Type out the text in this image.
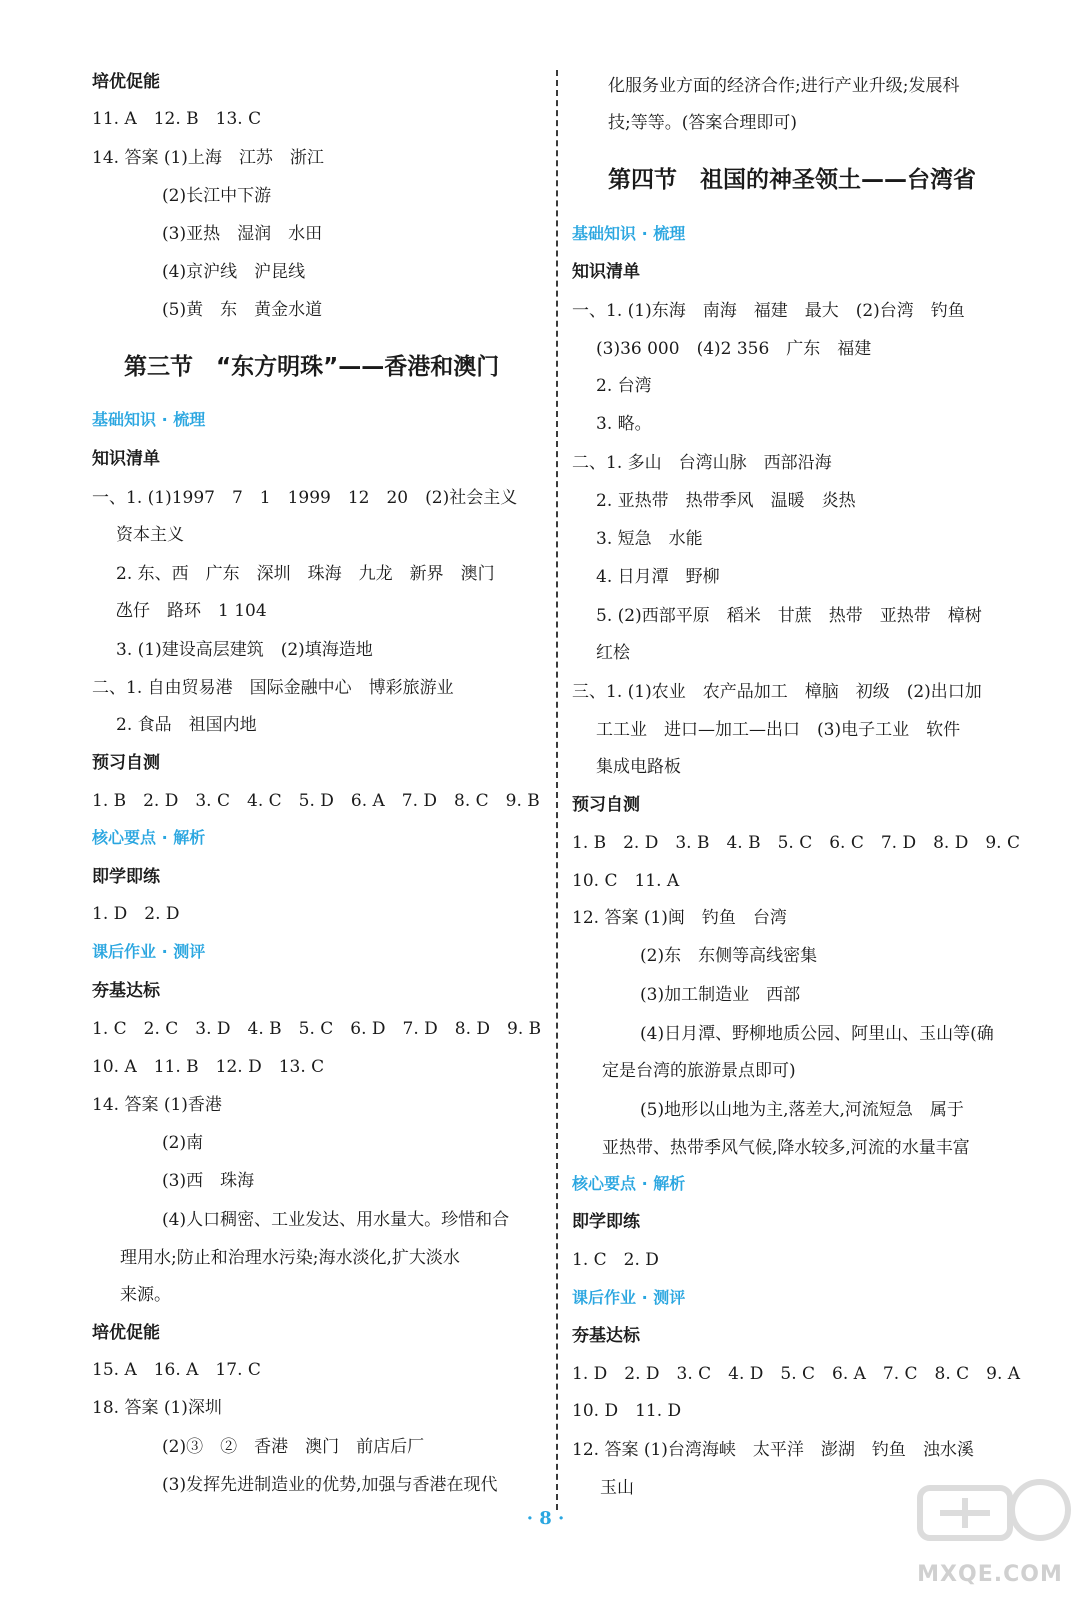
培优促能
11. A　12. B　13. C
14. 答案 (1)上海　江苏　浙江
(2)长江中下游
(3)亚热　湿润　水田
(4)京沪线　沪昆线
(5)黄　东　黄金水道
第三节　“东方明珠”——香港和澳门
基础知识 · 梳理
知识清单
一、1. (1)1997　7　1　1999　12　20　(2)社会主义
资本主义
2. 东、西　广东　深圳　珠海　九龙　新界　澳门
氹仔　路环　1 104
3. (1)建设高层建筑　(2)填海造地
二、1. 自由贸易港　国际金融中心　博彩旅游业
2. 食品　祖国内地
预习自测
1. B　2. D　3. C　4. C　5. D　6. A　7. D　8. C　9. B
核心要点 · 解析
即学即练
1. D　2. D
课后作业 · 测评
夯基达标
1. C　2. C　3. D　4. B　5. C　6. D　7. D　8. D　9. B
10. A　11. B　12. D　13. C
14. 答案 (1)香港
(2)南
(3)西　珠海
(4)人口稠密、工业发达、用水量大。珍惜和合
理用水;防止和治理水污染;海水淡化,扩大淡水
来源。
培优促能
15. A　16. A　17. C
18. 答案 (1)深圳
(2)③　②　香港　澳门　前店后厂
(3)发挥先进制造业的优势,加强与香港在现代
化服务业方面的经济合作;进行产业升级;发展科
技;等等。(答案合理即可)
第四节　祖国的神圣领土——台湾省
基础知识 · 梳理
知识清单
一、1. (1)东海　南海　福建　最大　(2)台湾　钓鱼
(3)36 000　(4)2 356　广东　福建
2. 台湾
3. 略。
二、1. 多山　台湾山脉　西部沿海
2. 亚热带　热带季风　温暖　炎热
3. 短急　水能
4. 日月潭　野柳
5. (2)西部平原　稻米　甘蔗　热带　亚热带　樟树
红桧
三、1. (1)农业　农产品加工　樟脑　初级　(2)出口加
工工业　进口—加工—出口　(3)电子工业　软件
集成电路板
预习自测
1. B　2. D　3. B　4. B　5. C　6. C　7. D　8. D　9. C
10. C　11. A
12. 答案 (1)闽　钓鱼　台湾
(2)东　东侧等高线密集
(3)加工制造业　西部
(4)日月潭、野柳地质公园、阿里山、玉山等(确
定是台湾的旅游景点即可)
(5)地形以山地为主,落差大,河流短急　属于
亚热带、热带季风气候,降水较多,河流的水量丰富
核心要点 · 解析
即学即练
1. C　2. D
课后作业 · 测评
夯基达标
1. D　2. D　3. C　4. D　5. C　6. A　7. C　8. C　9. A
10. D　11. D
12. 答案 (1)台湾海峡　太平洋　澎湖　钓鱼　浊水溪
玉山
· 8 ·
MXQE.COM
